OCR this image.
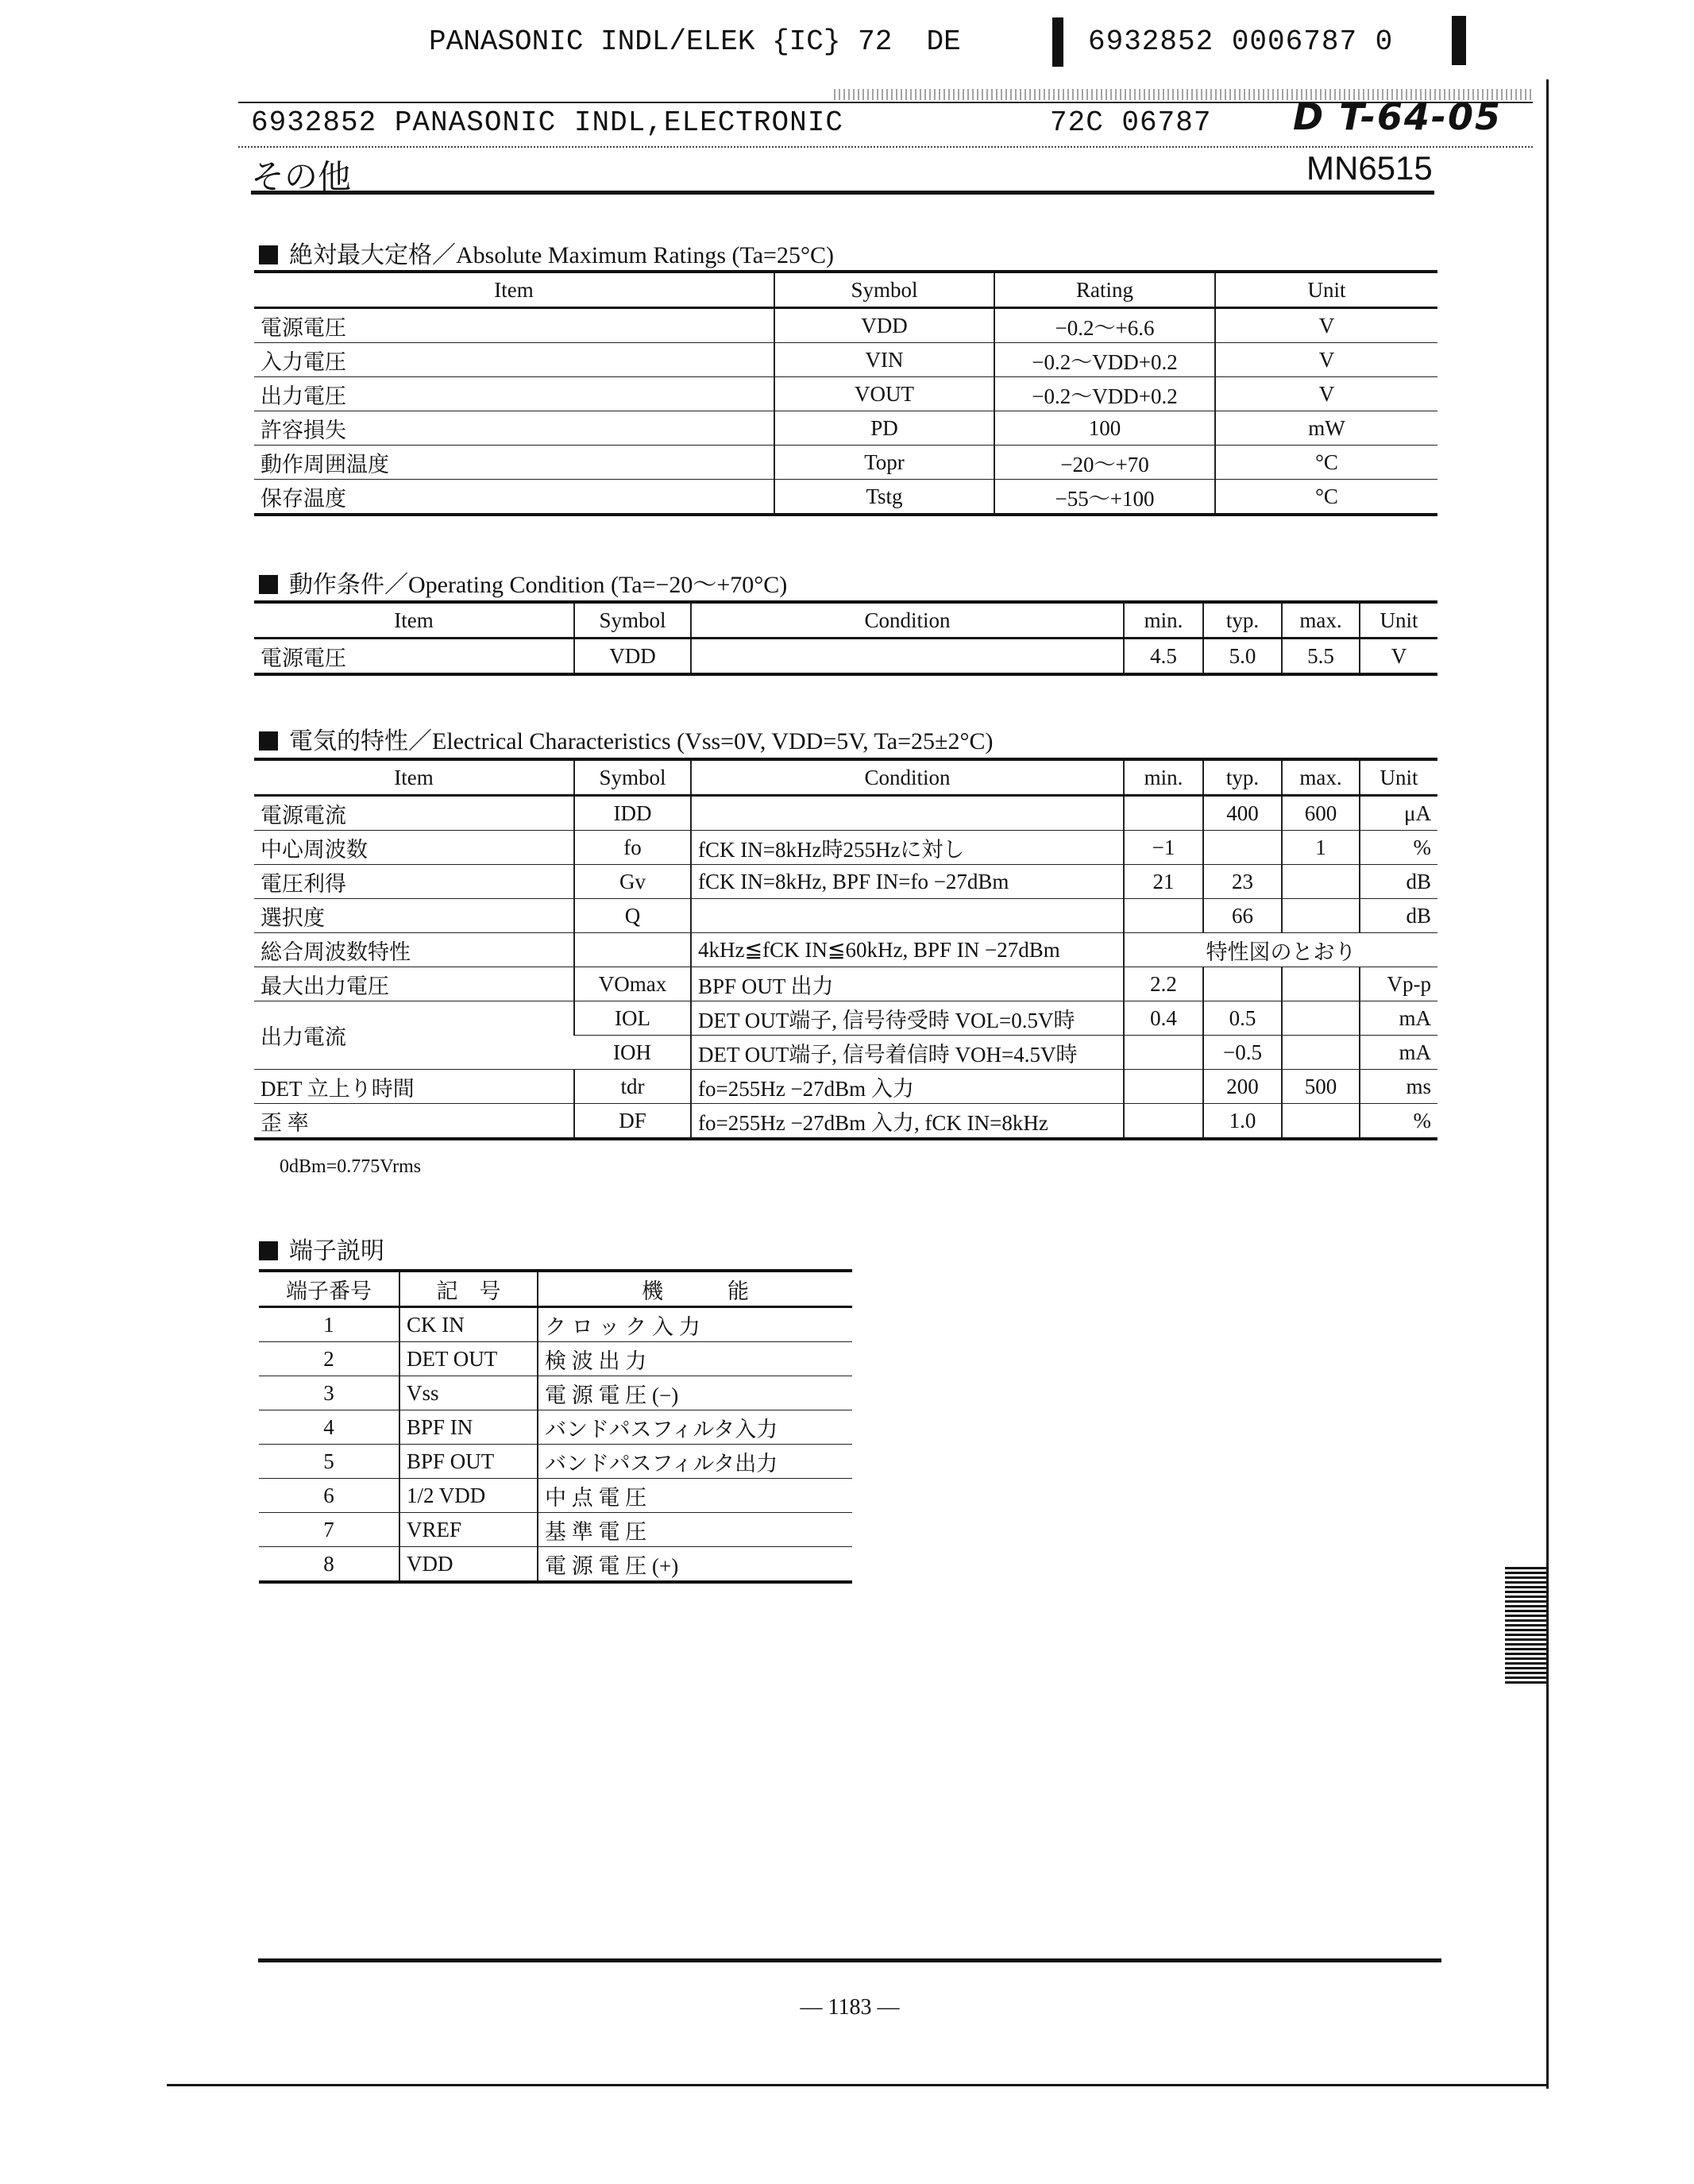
PANASONIC INDL/ELEK {IC} 72 DE	6932852 0006787 0
6932852 PANASONIC INDL,ELECTRONIC	72C 06787 D T-64-05
その他	MN6515
絶対最大定格／Absolute Maximum Ratings (Ta=25°C)
Item	Symbol	Rating	Unit
電源電圧	VDD	−0.2〜+6.6	V
入力電圧	VIN	−0.2〜VDD+0.2	V
出力電圧	VOUT	−0.2〜VDD+0.2	V
許容損失	PD	100	mW
動作周囲温度	Topr	−20〜+70	°C
保存温度	Tstg	−55〜+100	°C
動作条件／Operating Condition (Ta=−20〜+70°C)
Item	Symbol	Condition	min.	typ.	max.	Unit
電源電圧	VDD		4.5	5.0	5.5	V
電気的特性／Electrical Characteristics (Vss=0V, VDD=5V, Ta=25±2°C)
Item	Symbol	Condition	min.	typ.	max.	Unit
電源電流	IDD			400	600	μA
中心周波数	fo	fCK IN=8kHz時255Hzに対し	−1		1	%
電圧利得	Gv	fCK IN=8kHz, BPF IN=fo −27dBm	21	23		dB
選択度	Q			66		dB
総合周波数特性		4kHz≦fCK IN≦60kHz, BPF IN −27dBm	特性図のとおり			
最大出力電圧	VOmax	BPF OUT 出力	2.2			Vp-p
出力電流	IOL	DET OUT端子, 信号待受時 VOL=0.5V時	0.4	0.5		mA
	IOH	DET OUT端子, 信号着信時 VOH=4.5V時		−0.5		mA
DET 立上り時間	tdr	fo=255Hz −27dBm 入力		200	500	ms
歪 率	DF	fo=255Hz −27dBm 入力, fCK IN=8kHz		1.0		%
0dBm=0.775Vrms
端子説明
端子番号	記　号	機　　　能
1	CK IN	ク ロ ッ ク 入 力
2	DET OUT	検 波 出 力
3	Vss	電 源 電 圧 (−)
4	BPF IN	バンドパスフィルタ入力
5	BPF OUT	バンドパスフィルタ出力
6	1/2 VDD	中 点 電 圧
7	VREF	基 準 電 圧
8	VDD	電 源 電 圧 (+)
— 1183 —
